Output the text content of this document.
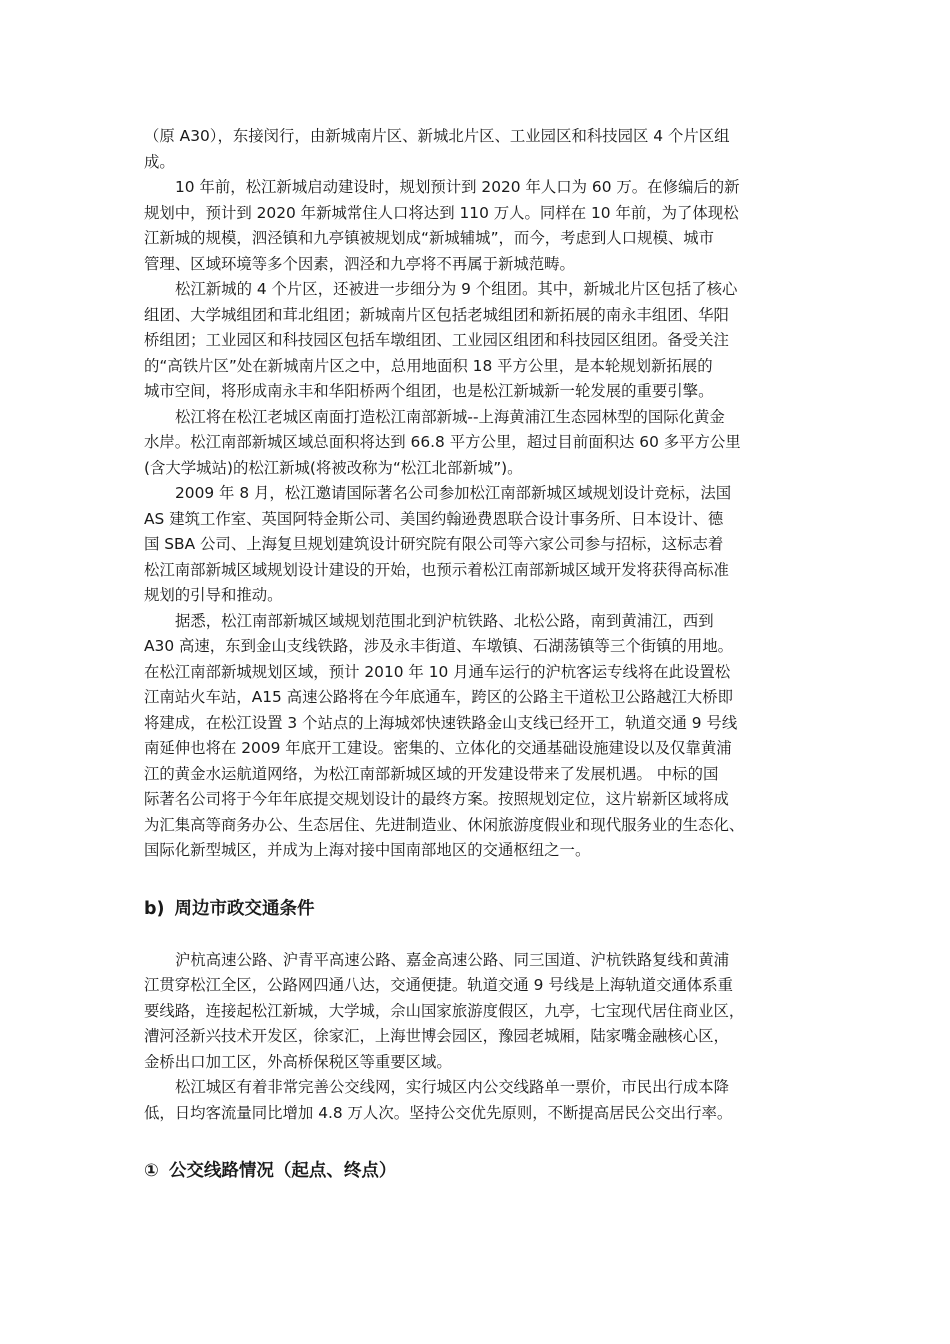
（原 A30），东接闵行，由新城南片区、新城北片区、工业园区和科技园区 4 个片区组
成。

10 年前，松江新城启动建设时，规划预计到 2020 年人口为 60 万。在修编后的新
规划中，预计到 2020 年新城常住人口将达到 110 万人。同样在 10 年前，为了体现松
江新城的规模，泗泾镇和九亭镇被规划成“新城辅城”，而今，考虑到人口规模、城市
管理、区域环境等多个因素，泗泾和九亭将不再属于新城范畴。

松江新城的 4 个片区，还被进一步细分为 9 个组团。其中，新城北片区包括了核心
组团、大学城组团和茸北组团；新城南片区包括老城组团和新拓展的南永丰组团、华阳
桥组团；工业园区和科技园区包括车墩组团、工业园区组团和科技园区组团。备受关注
的“高铁片区”处在新城南片区之中，总用地面积 18 平方公里，是本轮规划新拓展的
城市空间，将形成南永丰和华阳桥两个组团，也是松江新城新一轮发展的重要引擎。

松江将在松江老城区南面打造松江南部新城--上海黄浦江生态园林型的国际化黄金
水岸。松江南部新城区域总面积将达到 66.8 平方公里，超过目前面积达 60 多平方公里
(含大学城站)的松江新城(将被改称为“松江北部新城”)。

2009 年 8 月，松江邀请国际著名公司参加松江南部新城区域规划设计竞标，法国
AS 建筑工作室、英国阿特金斯公司、美国约翰逊费恩联合设计事务所、日本设计、德
国 SBA 公司、上海复旦规划建筑设计研究院有限公司等六家公司参与招标，这标志着
松江南部新城区域规划设计建设的开始，也预示着松江南部新城区域开发将获得高标准
规划的引导和推动。

据悉，松江南部新城区域规划范围北到沪杭铁路、北松公路，南到黄浦江，西到
A30 高速，东到金山支线铁路，涉及永丰街道、车墩镇、石湖荡镇等三个街镇的用地。
在松江南部新城规划区域，预计 2010 年 10 月通车运行的沪杭客运专线将在此设置松
江南站火车站，A15 高速公路将在今年底通车，跨区的公路主干道松卫公路越江大桥即
将建成，在松江设置 3 个站点的上海城郊快速铁路金山支线已经开工，轨道交通 9 号线
南延伸也将在 2009 年底开工建设。密集的、立体化的交通基础设施建设以及仅靠黄浦
江的黄金水运航道网络，为松江南部新城区域的开发建设带来了发展机遇。 中标的国
际著名公司将于今年年底提交规划设计的最终方案。按照规划定位，这片崭新区域将成
为汇集高等商务办公、生态居住、先进制造业、休闲旅游度假业和现代服务业的生态化、
国际化新型城区，并成为上海对接中国南部地区的交通枢纽之一。

b) 周边市政交通条件

沪杭高速公路、沪青平高速公路、嘉金高速公路、同三国道、沪杭铁路复线和黄浦
江贯穿松江全区，公路网四通八达，交通便捷。轨道交通 9 号线是上海轨道交通体系重
要线路，连接起松江新城，大学城，佘山国家旅游度假区，九亭，七宝现代居住商业区，
漕河泾新兴技术开发区，徐家汇，上海世博会园区，豫园老城厢，陆家嘴金融核心区，
金桥出口加工区，外高桥保税区等重要区域。

松江城区有着非常完善公交线网，实行城区内公交线路单一票价，市民出行成本降
低，日均客流量同比增加 4.8 万人次。坚持公交优先原则，不断提高居民公交出行率。

① 公交线路情况（起点、终点）
